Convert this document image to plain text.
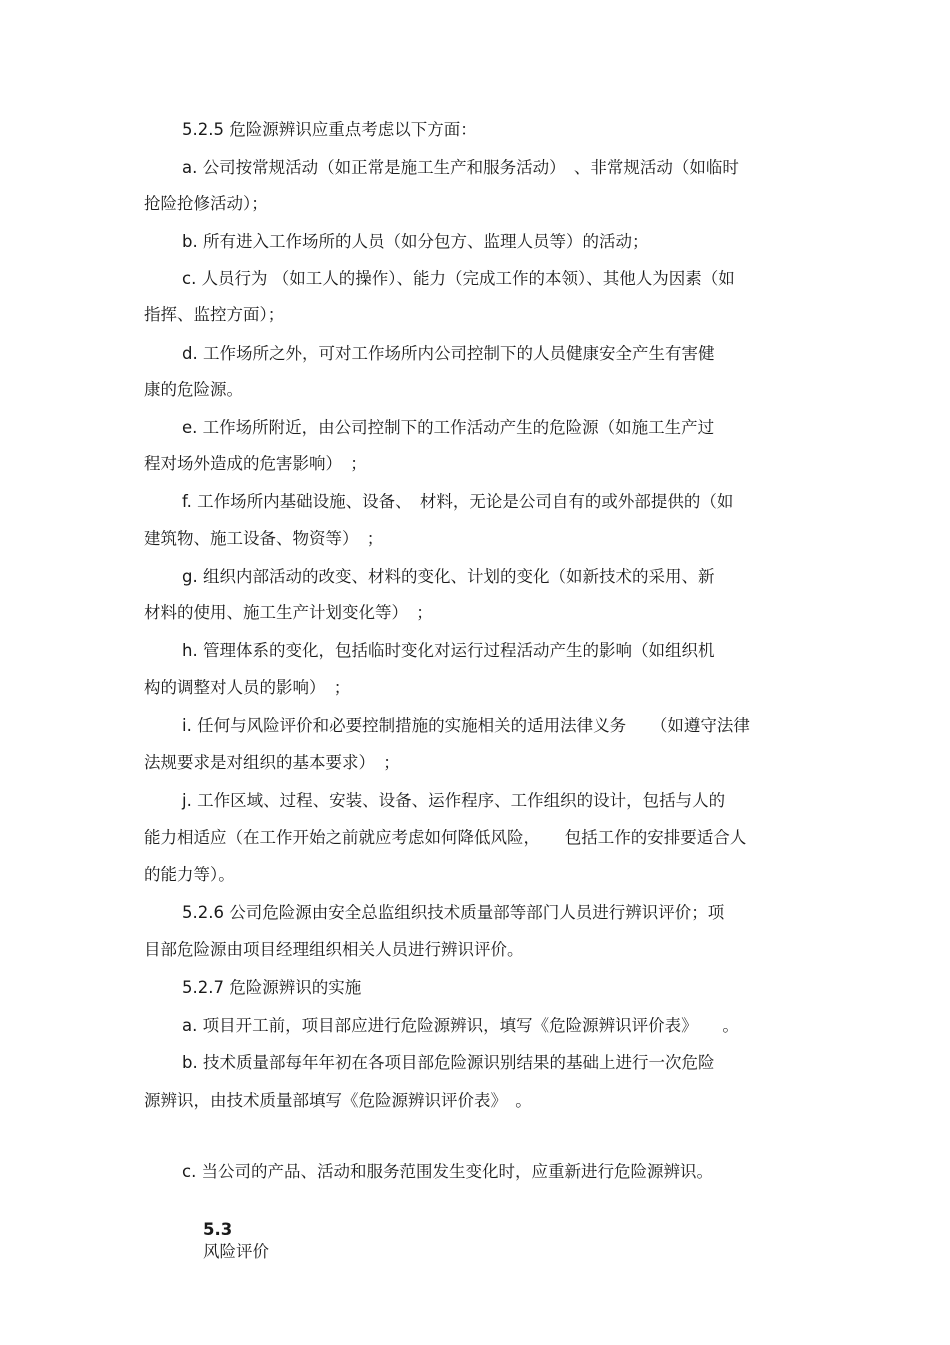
5.2.5 危险源辨识应重点考虑以下方面：
a. 公司按常规活动（如正常是施工生产和服务活动）　、非常规活动（如临时
抢险抢修活动）；
b. 所有进入工作场所的人员（如分包方、监理人员等）的活动；
c. 人员行为 （如工人的操作）、能力（完成工作的本领）、其他人为因素（如
指挥、监控方面）；
d. 工作场所之外，可对工作场所内公司控制下的人员健康安全产生有害健
康的危险源。
e. 工作场所附近，由公司控制下的工作活动产生的危险源（如施工生产过
程对场外造成的危害影响）　；
f. 工作场所内基础设施、设备、　材料，无论是公司自有的或外部提供的（如
建筑物、施工设备、物资等）　；
g. 组织内部活动的改变、材料的变化、计划的变化（如新技术的采用、新
材料的使用、施工生产计划变化等）　；
h. 管理体系的变化，包括临时变化对运行过程活动产生的影响（如组织机
构的调整对人员的影响）　；
i. 任何与风险评价和必要控制措施的实施相关的适用法律义务　　（如遵守法律
法规要求是对组织的基本要求）　；
j. 工作区域、过程、安装、设备、运作程序、工作组织的设计，包括与人的
能力相适应（在工作开始之前就应考虑如何降低风险，　　包括工作的安排要适合人
的能力等）。
5.2.6 公司危险源由安全总监组织技术质量部等部门人员进行辨识评价；项
目部危险源由项目经理组织相关人员进行辨识评价。
5.2.7 危险源辨识的实施
a. 项目开工前，项目部应进行危险源辨识，填写《危险源辨识评价表》　　。
b. 技术质量部每年年初在各项目部危险源识别结果的基础上进行一次危险
源辨识，由技术质量部填写《危险源辨识评价表》　。
c. 当公司的产品、活动和服务范围发生变化时，应重新进行危险源辨识。

5.3
风险评价
